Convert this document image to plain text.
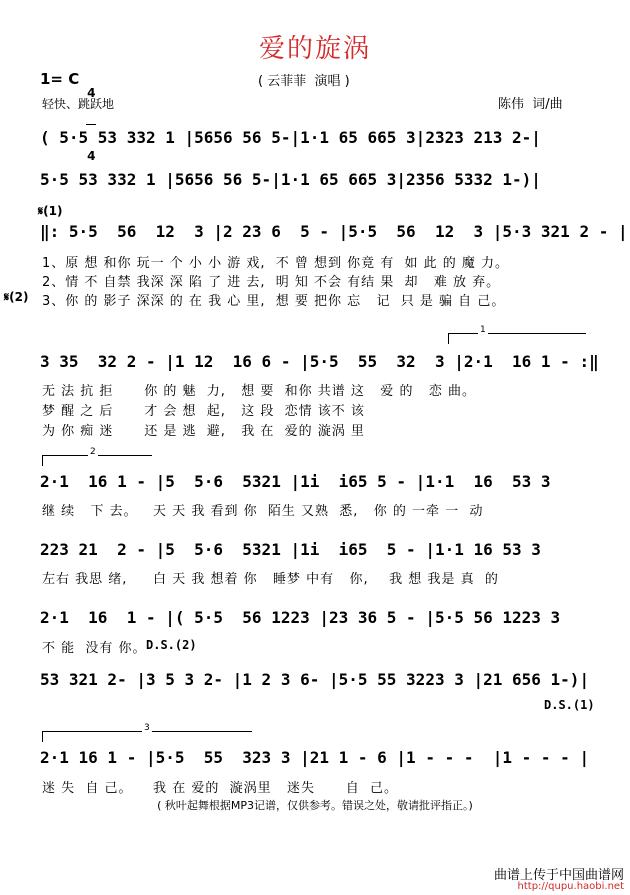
爱的旋涡
1= C

4

4

( 云菲菲  演唱 )
轻快、跳跃地	陈伟  词/曲
( 5·5 53 332 1 |5656 56 5-|1·1 65 665 3|2323 213 2-|
5·5 53 332 1 |5656 56 5-|1·1 65 665 3|2356 5332 1-)|
𝄋(1)
‖: 5·5  56  12  3 |2 23 6  5 - |5·5  56  12  3 |5·3 321 2 - |
1、原 想 和你 玩一 个 小 小 游 戏,  不 曾 想到 你竟 有  如 此 的 魔 力。
2、情 不 自禁 我深 深 陷 了 进 去,  明 知 不会 有结 果  却   难 放 弃。
𝄋(2) 3、你 的 影子 深深 的 在 我 心 里,  想 要 把你 忘   记  只 是 骗 自 己。
1
3 35  32 2 - |1 12  16 6 - |5·5  55  32  3 |2·1  16 1 - :‖
无 法 抗 拒      你 的 魅  力,   想 要  和你 共谱 这   爱 的   恋 曲。
梦 醒 之 后      才 会 想  起,   这 段  恋情 该不 该
为 你 痴 迷      还 是 逃  避,   我 在  爱的 漩涡 里
2
2·1  16 1 - |5  5·6  5321 |1i  i65 5 - |1·1  16  53 3
继 续   下 去。   天 天 我 看到 你  陌生 又熟  悉,   你 的 一牵 一  动
223 21  2 - |5  5·6  5321 |1i  i65  5 - |1·1 16 53 3
左右 我思 绪,     白 天 我 想着 你   睡梦 中有   你,    我 想 我是 真  的
2·1  16  1 - |( 5·5  56 1223 |23 36 5 - |5·5 56 1223 3
不 能  没有 你。 D.S.(2)
53 321 2- |3 5 3 2- |1 2 3 6- |5·5 55 3223 3 |21 656 1-)|
D.S.(1)
3
2·1 16 1 - |5·5  55  323 3 |21 1 - 6 |1 - - -  |1 - - - |
迷 失  自 己。    我 在 爱的  漩涡里   迷失      自  己。
( 秋叶起舞根据MP3记谱，仅供参考。错误之处，敬请批评指正。)
曲谱上传于中国曲谱网
http://qupu.haobi.net
